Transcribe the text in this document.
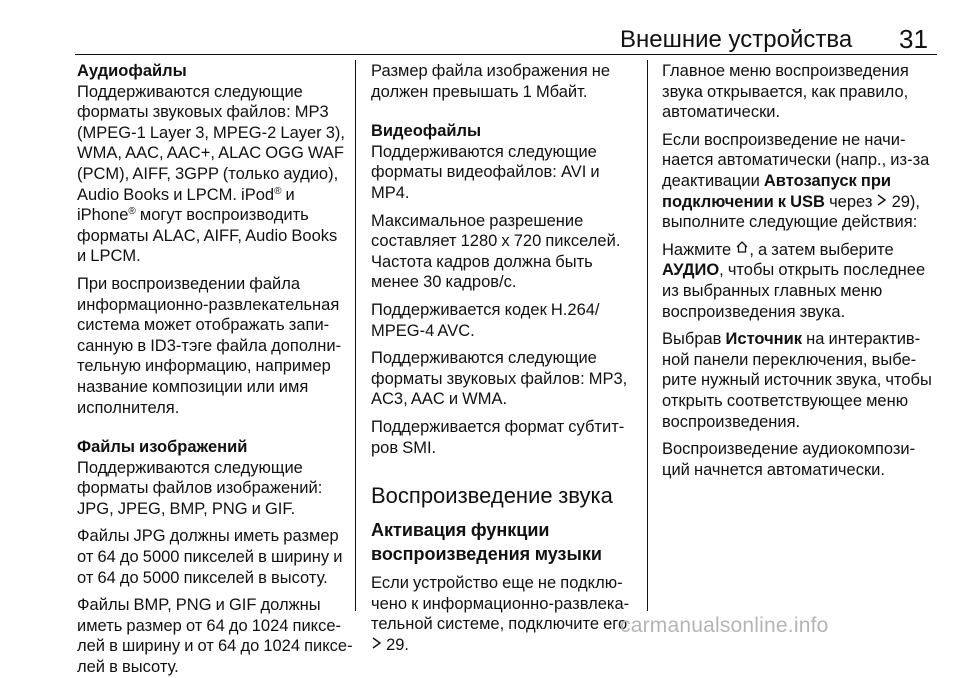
Внешние устройства 31
Аудиофайлы
Поддерживаются следующие
форматы звуковых файлов: MP3
(MPEG-1 Layer 3, MPEG-2 Layer 3),
WMA, AAC, AAC+, ALAC OGG WAF
(PCM), AIFF, 3GPP (только аудио),
Audio Books и LPCM. iPod® и
iPhone® могут воспроизводить
форматы ALAC, AIFF, Audio Books
и LPCM.
При воспроизведении файла
информационно-развлекательная
система может отображать запи-
санную в ID3-тэге файла дополни-
тельную информацию, например
название композиции или имя
исполнителя.
Файлы изображений
Поддерживаются следующие
форматы файлов изображений:
JPG, JPEG, BMP, PNG и GIF.
Файлы JPG должны иметь размер
от 64 до 5000 пикселей в ширину и
от 64 до 5000 пикселей в высоту.
Файлы BMP, PNG и GIF должны
иметь размер от 64 до 1024 пиксе-
лей в ширину и от 64 до 1024 пиксе-
лей в высоту.
Размер файла изображения не
должен превышать 1 Мбайт.
Видеофайлы
Поддерживаются следующие
форматы видеофайлов: AVI и
MP4.
Максимальное разрешение
составляет 1280 x 720 пикселей.
Частота кадров должна быть
менее 30 кадров/с.
Поддерживается кодек H.264/
MPEG-4 AVC.
Поддерживаются следующие
форматы звуковых файлов: MP3,
AC3, AAC и WMA.
Поддерживается формат субтит-
ров SMI.
Воспроизведение звука
Активация функции
воспроизведения музыки
Если устройство еще не подклю-
чено к информационно-развлека-
тельной системе, подключите его
29.
Главное меню воспроизведения
звука открывается, как правило,
автоматически.
Если воспроизведение не начи-
нается автоматически (напр., из-за
деактивации Автозапуск при
подключении к USB через  29),
выполните следующие действия:
Нажмите , а затем выберите
АУДИО, чтобы открыть последнее
из выбранных главных меню
воспроизведения звука.
Выбрав Источник на интерактив-
ной панели переключения, выбе-
рите нужный источник звука, чтобы
открыть соответствующее меню
воспроизведения.
Воспроизведение аудиокомпози-
ций начнется автоматически.
carmanualsonline.info
